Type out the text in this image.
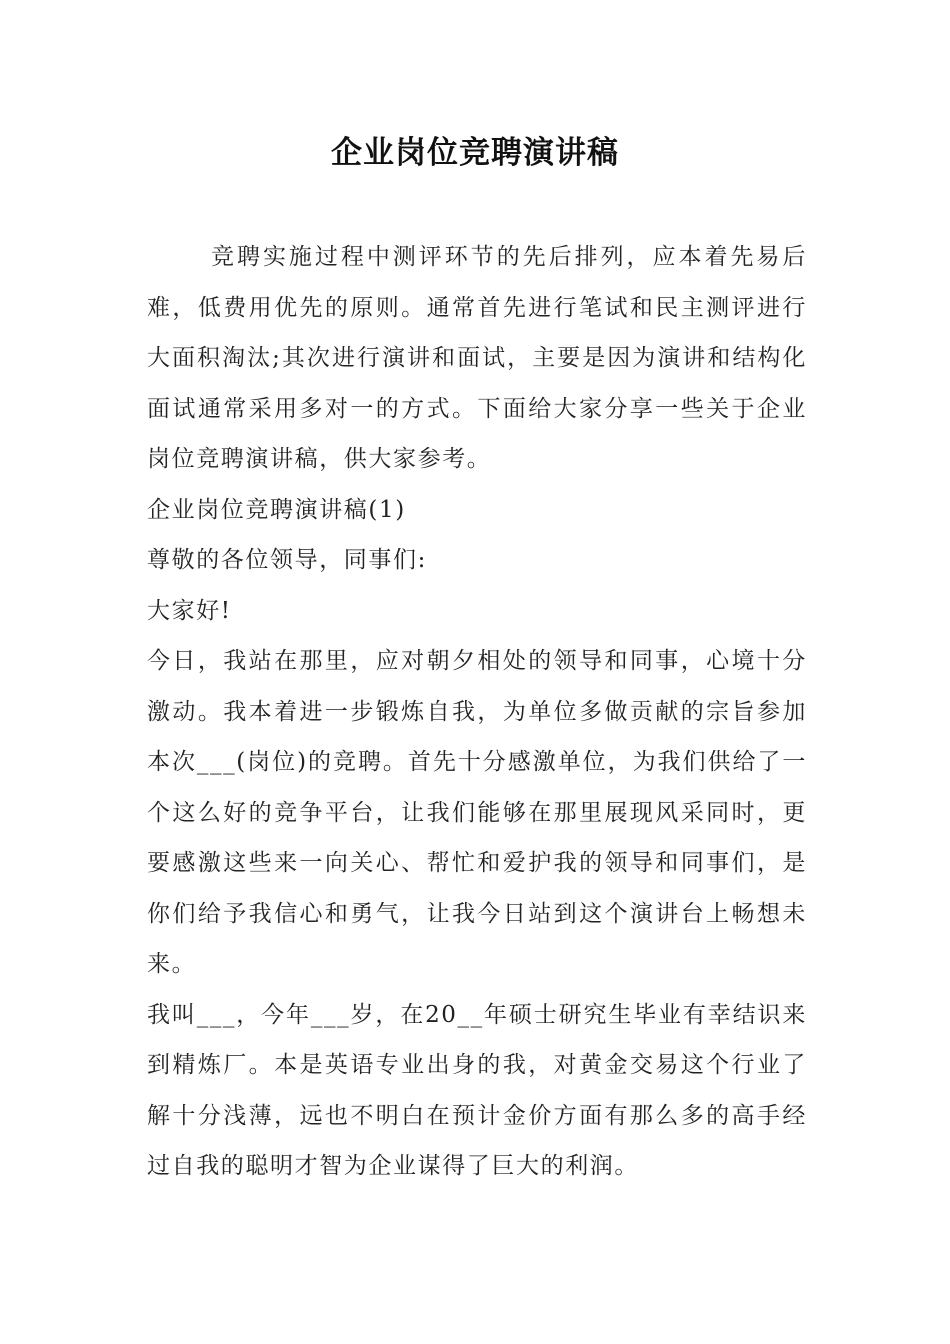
企业岗位竞聘演讲稿

竞聘实施过程中测评环节的先后排列，应本着先易后难，低费用优先的原则。通常首先进行笔试和民主测评进行大面积淘汰;其次进行演讲和面试，主要是因为演讲和结构化面试通常采用多对一的方式。下面给大家分享一些关于企业岗位竞聘演讲稿，供大家参考。

企业岗位竞聘演讲稿(1)

尊敬的各位领导，同事们:

大家好!

今日，我站在那里，应对朝夕相处的领导和同事，心境十分激动。我本着进一步锻炼自我，为单位多做贡献的宗旨参加本次___(岗位)的竞聘。首先十分感激单位，为我们供给了一个这么好的竞争平台，让我们能够在那里展现风采同时，更要感激这些来一向关心、帮忙和爱护我的领导和同事们，是你们给予我信心和勇气，让我今日站到这个演讲台上畅想未来。

我叫___，今年___岁，在20__年硕士研究生毕业有幸结识来到精炼厂。本是英语专业出身的我，对黄金交易这个行业了解十分浅薄，远也不明白在预计金价方面有那么多的高手经过自我的聪明才智为企业谋得了巨大的利润。
